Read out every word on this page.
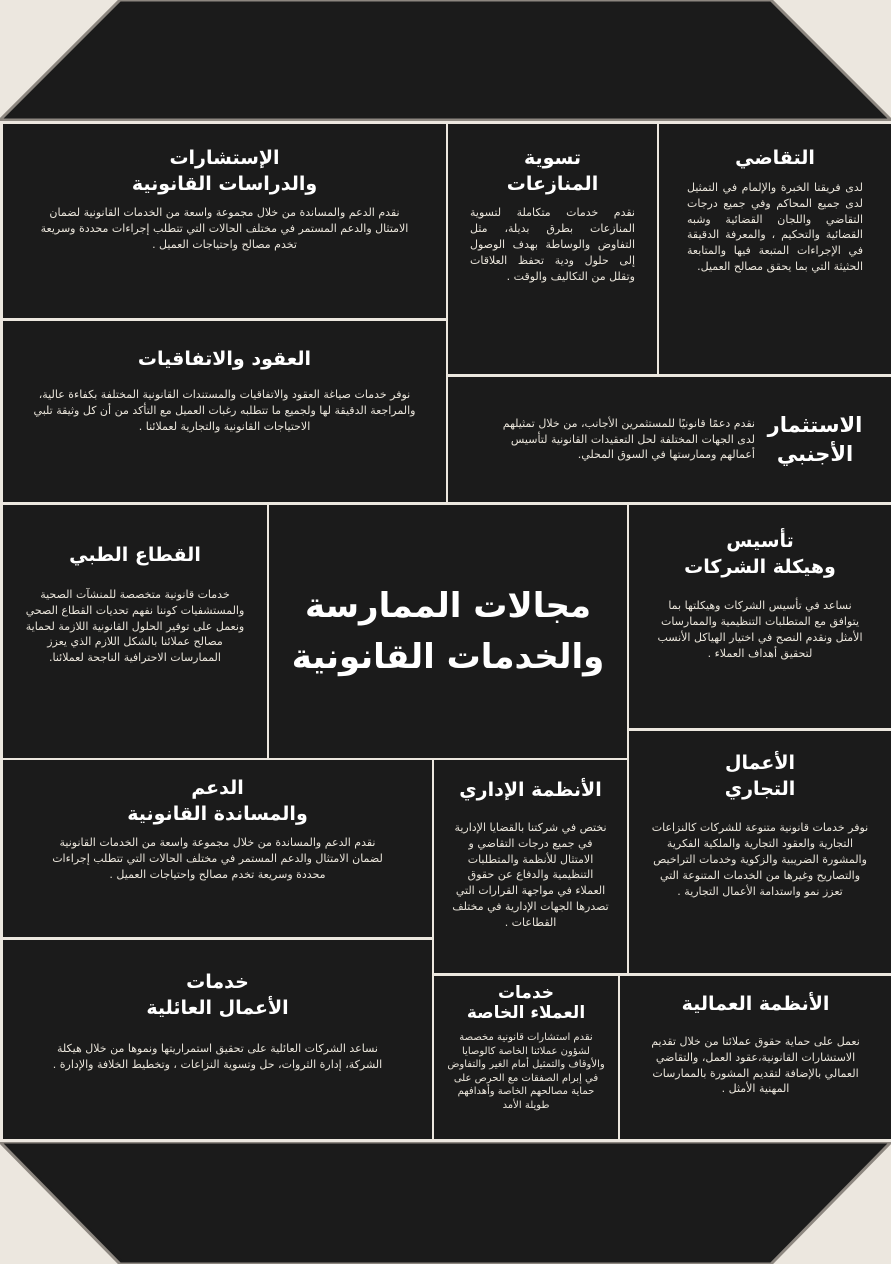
التقاضي

لدى فريقنا الخبرة والإلمام في التمثيل لدى جميع المحاكم وفي جميع درجات التقاضي واللجان القضائية وشبه القضائية والتحكيم ، والمعرفة الدقيقة في الإجراءات المتبعة فيها والمتابعة الحثيثة التي بما يحقق مصالح العميل.

تسوية
المنازعات

نقدم خدمات متكاملة لتسوية المنازعات بطرق بديلة، مثل التفاوض والوساطة بهدف الوصول إلى حلول ودية تحفظ العلاقات وتقلل من التكاليف والوقت .

الإستشارات
والدراسات القانونية

نقدم الدعم والمساندة من خلال مجموعة واسعة من الخدمات القانونية لضمان الامتثال والدعم المستمر في مختلف الحالات التي تتطلب إجراءات محددة وسريعة تخدم مصالح واحتياجات العميل .

الاستثمار
الأجنبي

نقدم دعمًا قانونيًا للمستثمرين الأجانب، من خلال تمثيلهم لدى الجهات المختلفة لحل التعقيدات القانونية لتأسيس أعمالهم وممارستها في السوق المحلي.

العقود والاتفاقيات

نوفر خدمات صياغة العقود والاتفاقيات والمستندات القانونية المختلفة بكفاءة عالية، والمراجعة الدقيقة لها ولجميع ما تتطلبه رغبات العميل مع التأكد من أن كل وثيقة تلبي الاحتياجات القانونية والتجارية لعملائنا .

تأسيس
وهيكلة الشركات

نساعد في تأسيس الشركات وهيكلتها بما يتوافق مع المتطلبات التنظيمية والممارسات الأمثل ونقدم النصح في اختيار الهياكل الأنسب لتحقيق أهداف العملاء .

مجالات الممارسة
والخدمات القانونية
القطاع الطبي

خدمات قانونية متخصصة للمنشآت الصحية والمستشفيات كوننا نفهم تحديات القطاع الصحي ونعمل على توفير الحلول القانونية اللازمة لحماية مصالح عملائنا بالشكل اللازم الذي يعزز الممارسات الاحترافية الناجحة لعملائنا.

الأعمال
التجاري

نوفر خدمات قانونية متنوعة للشركات كالنزاعات التجارية والعقود التجارية والملكية الفكرية والمشورة الضريبية والزكوية وخدمات التراخيص والتصاريح وغيرها من الخدمات المتنوعة التي تعزز نمو واستدامة الأعمال التجارية .

الأنظمة الإداري

نختص في شركتنا بالقضايا الإدارية في جميع درجات التقاضي و الامتثال للأنظمة والمتطلبات التنظيمية والدفاع عن حقوق العملاء في مواجهة القرارات التي تصدرها الجهات الإدارية في مختلف القطاعات .

الدعم
والمساندة القانونية

نقدم الدعم والمساندة من خلال مجموعة واسعة من الخدمات القانونية لضمان الامتثال والدعم المستمر في مختلف الحالات التي تتطلب إجراءات محددة وسريعة تخدم مصالح واحتياجات العميل .

الأنظمة العمالية

نعمل على حماية حقوق عملائنا من خلال تقديم الاستشارات القانونية،عقود العمل، والتقاضي العمالي بالإضافة لتقديم المشورة بالممارسات المهنية الأمثل .

خدمات
العملاء الخاصة

نقدم استشارات قانونية مخصصة لشؤون عملائنا الخاصة كالوصايا والأوقاف والتمثيل أمام الغير والتفاوض في إبرام الصفقات مع الحرص على حماية مصالحهم الخاصة وأهدافهم طويلة الأمد

خدمات
الأعمال العائلية

نساعد الشركات العائلية على تحقيق استمراريتها ونموها من خلال هيكلة الشركة، إدارة الثروات، حل وتسوية النزاعات ، وتخطيط الخلافة والإدارة .
